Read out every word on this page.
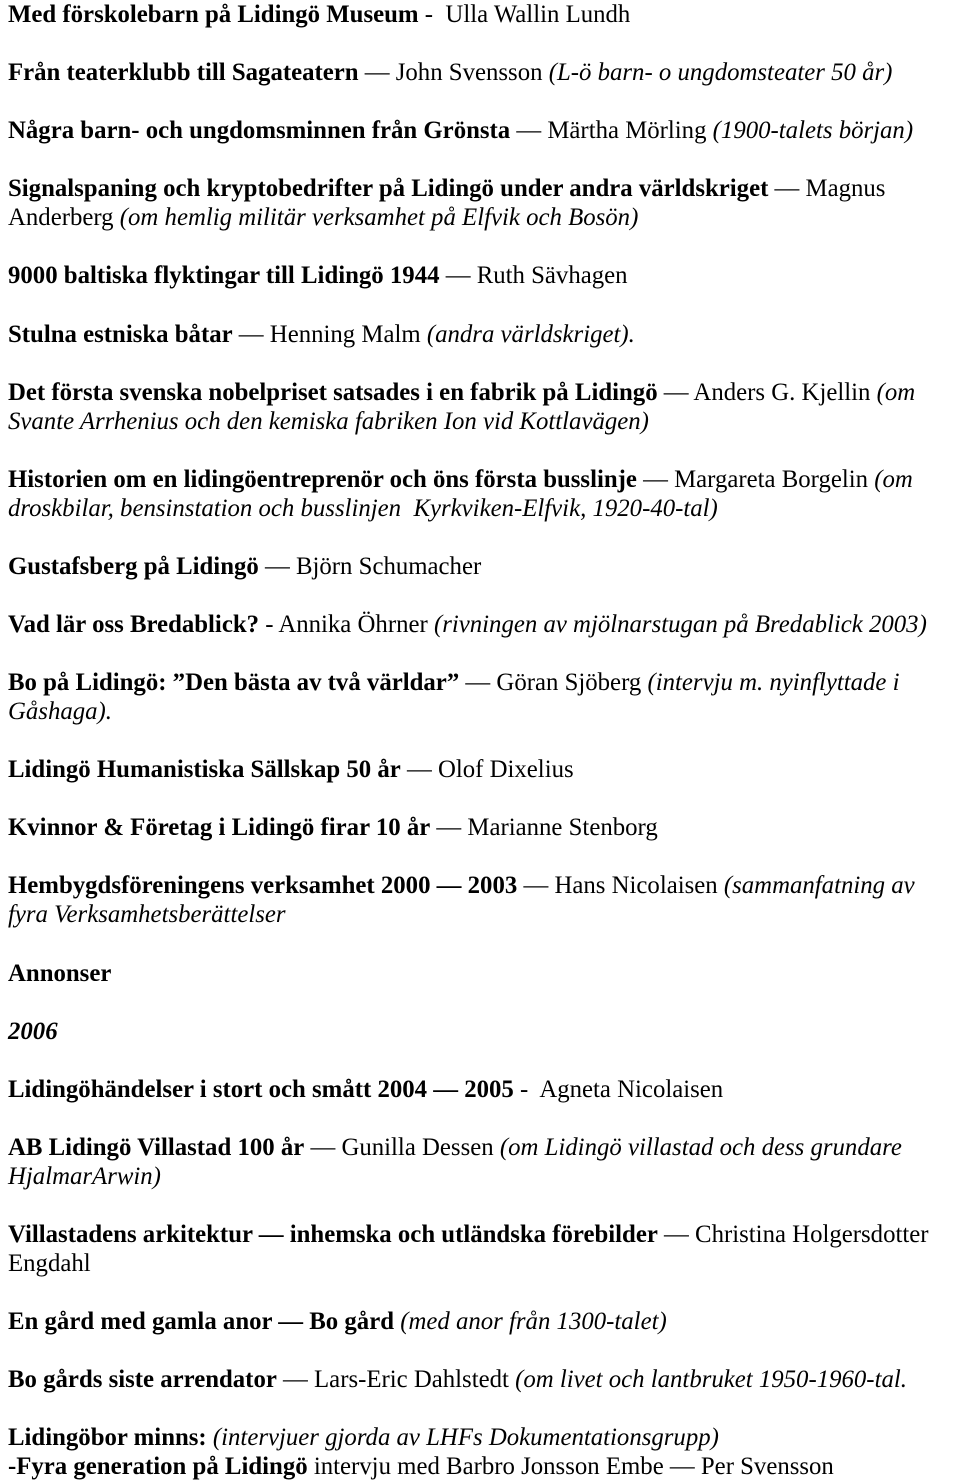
Med förskolebarn på Lidingö Museum -  Ulla Wallin Lundh
Från teaterklubb till Sagateatern — John Svensson (L-ö barn- o ungdomsteater 50 år)
Några barn- och ungdomsminnen från Grönsta — Märtha Mörling (1900-talets början)
Signalspaning och kryptobedrifter på Lidingö under andra världskriget — Magnus
Anderberg (om hemlig militär verksamhet på Elfvik och Bosön)
9000 baltiska flyktingar till Lidingö 1944 — Ruth Sävhagen
Stulna estniska båtar — Henning Malm (andra världskriget).
Det första svenska nobelpriset satsades i en fabrik på Lidingö — Anders G. Kjellin (om
Svante Arrhenius och den kemiska fabriken Ion vid Kottlavägen)
Historien om en lidingöentreprenör och öns första busslinje — Margareta Borgelin (om
droskbilar, bensinstation och busslinjen  Kyrkviken-Elfvik, 1920-40-tal)
Gustafsberg på Lidingö — Björn Schumacher
Vad lär oss Bredablick? - Annika Öhrner (rivningen av mjölnarstugan på Bredablick 2003)
Bo på Lidingö: ”Den bästa av två världar” — Göran Sjöberg (intervju m. nyinflyttade i
Gåshaga).
Lidingö Humanistiska Sällskap 50 år — Olof Dixelius
Kvinnor & Företag i Lidingö firar 10 år — Marianne Stenborg
Hembygdsföreningens verksamhet 2000 — 2003 — Hans Nicolaisen (sammanfatning av
fyra Verksamhetsberättelser
Annonser
2006
Lidingöhändelser i stort och smått 2004 — 2005 -  Agneta Nicolaisen
AB Lidingö Villastad 100 år — Gunilla Dessen (om Lidingö villastad och dess grundare
HjalmarArwin)
Villastadens arkitektur — inhemska och utländska förebilder — Christina Holgersdotter
Engdahl
En gård med gamla anor — Bo gård (med anor från 1300-talet)
Bo gårds siste arrendator — Lars-Eric Dahlstedt (om livet och lantbruket 1950-1960-tal.
Lidingöbor minns: (intervjuer gjorda av LHFs Dokumentationsgrupp)
-Fyra generation på Lidingö intervju med Barbro Jonsson Embe — Per Svensson
